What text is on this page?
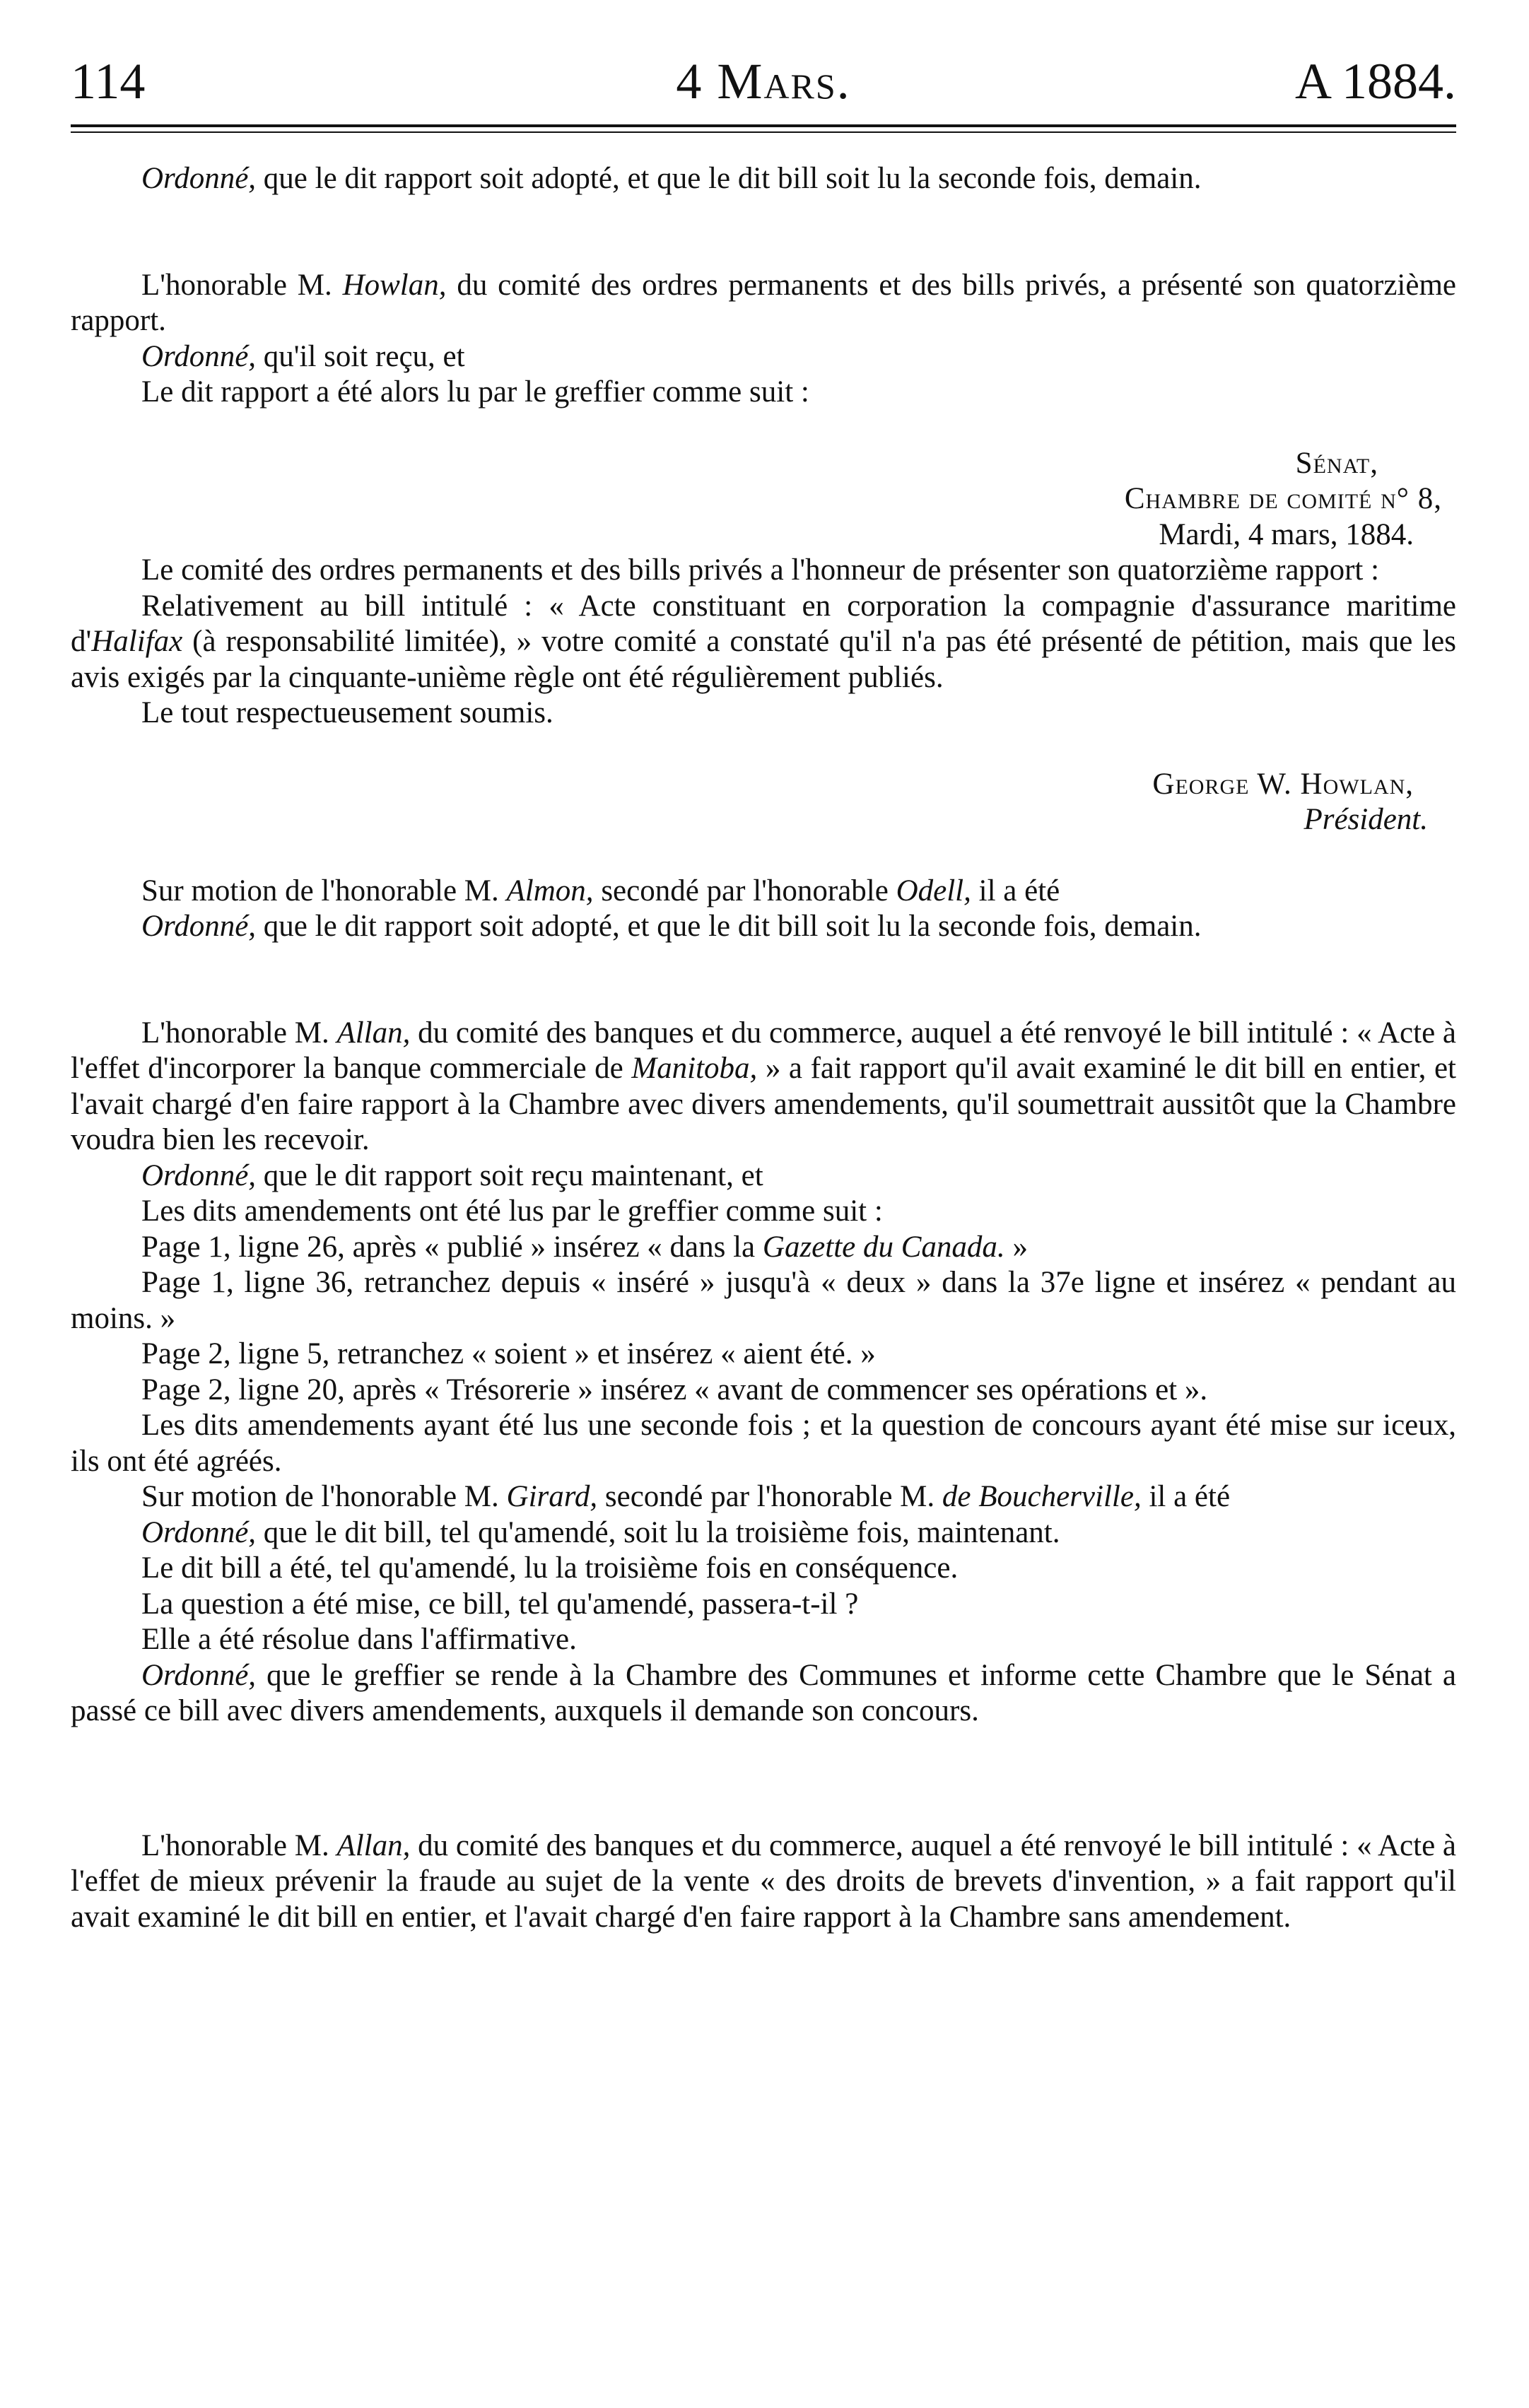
114	4 Mars.	A 1884.

Ordonné, que le dit rapport soit adopté, et que le dit bill soit lu la seconde fois, demain.

L'honorable M. Howlan, du comité des ordres permanents et des bills privés, a présenté son quatorzième rapport.

Ordonné, qu'il soit reçu, et

Le dit rapport a été alors lu par le greffier comme suit :

Sénat,

Chambre de comité n° 8,

Mardi, 4 mars, 1884.

Le comité des ordres permanents et des bills privés a l'honneur de présenter son quatorzième rapport :

Relativement au bill intitulé : « Acte constituant en corporation la compagnie d'assurance maritime d'Halifax (à responsabilité limitée), » votre comité a constaté qu'il n'a pas été présenté de pétition, mais que les avis exigés par la cinquante-unième règle ont été régulièrement publiés.

Le tout respectueusement soumis.

George W. Howlan,

Président.

Sur motion de l'honorable M. Almon, secondé par l'honorable Odell, il a été

Ordonné, que le dit rapport soit adopté, et que le dit bill soit lu la seconde fois, demain.

L'honorable M. Allan, du comité des banques et du commerce, auquel a été renvoyé le bill intitulé : « Acte à l'effet d'incorporer la banque commerciale de Manitoba, » a fait rapport qu'il avait examiné le dit bill en entier, et l'avait chargé d'en faire rapport à la Chambre avec divers amendements, qu'il soumettrait aussitôt que la Chambre voudra bien les recevoir.

Ordonné, que le dit rapport soit reçu maintenant, et

Les dits amendements ont été lus par le greffier comme suit :

Page 1, ligne 26, après « publié » insérez « dans la Gazette du Canada. »

Page 1, ligne 36, retranchez depuis « inséré » jusqu'à « deux » dans la 37e ligne et insérez « pendant au moins. »

Page 2, ligne 5, retranchez « soient » et insérez « aient été. »

Page 2, ligne 20, après « Trésorerie » insérez « avant de commencer ses opérations et ».

Les dits amendements ayant été lus une seconde fois ; et la question de concours ayant été mise sur iceux, ils ont été agréés.

Sur motion de l'honorable M. Girard, secondé par l'honorable M. de Boucherville, il a été

Ordonné, que le dit bill, tel qu'amendé, soit lu la troisième fois, maintenant.

Le dit bill a été, tel qu'amendé, lu la troisième fois en conséquence.

La question a été mise, ce bill, tel qu'amendé, passera-t-il ?

Elle a été résolue dans l'affirmative.

Ordonné, que le greffier se rende à la Chambre des Communes et informe cette Chambre que le Sénat a passé ce bill avec divers amendements, auxquels il demande son concours.

L'honorable M. Allan, du comité des banques et du commerce, auquel a été renvoyé le bill intitulé : « Acte à l'effet de mieux prévenir la fraude au sujet de la vente « des droits de brevets d'invention, » a fait rapport qu'il avait examiné le dit bill en entier, et l'avait chargé d'en faire rapport à la Chambre sans amendement.
